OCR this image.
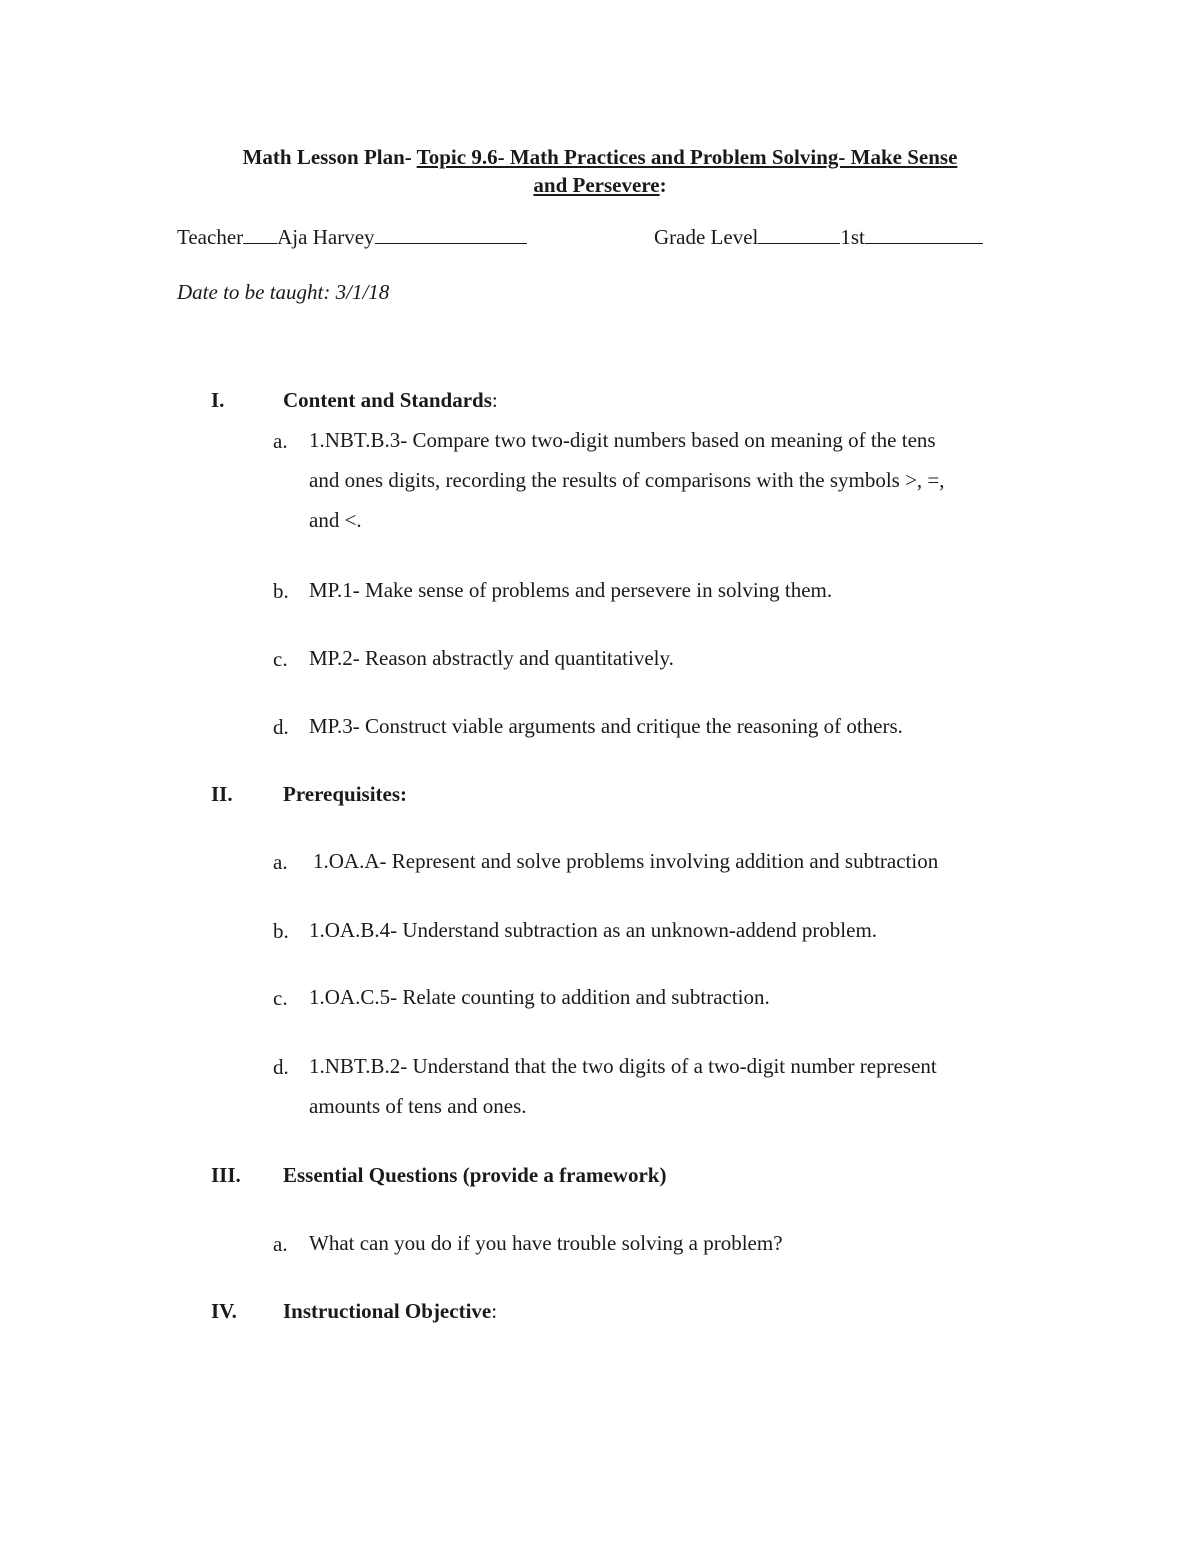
Math Lesson Plan- Topic 9.6- Math Practices and Problem Solving- Make Sense
and Persevere:
Teacher Aja Harvey	Grade Level	1st
Date to be taught: 3/1/18
I.	Content and Standards:
a. 1.NBT.B.3- Compare two two-digit numbers based on meaning of the tens
and ones digits, recording the results of comparisons with the symbols >, =,
and <.
b. MP.1- Make sense of problems and persevere in solving them.
c. MP.2- Reason abstractly and quantitatively.
d. MP.3- Construct viable arguments and critique the reasoning of others.
II. Prerequisites:
a. 1.OA.A- Represent and solve problems involving addition and subtraction
b. 1.OA.B.4- Understand subtraction as an unknown-addend problem.
c. 1.OA.C.5- Relate counting to addition and subtraction.
d. 1.NBT.B.2- Understand that the two digits of a two-digit number represent
amounts of tens and ones.
III. Essential Questions (provide a framework)
a. What can you do if you have trouble solving a problem?
IV. Instructional Objective:
